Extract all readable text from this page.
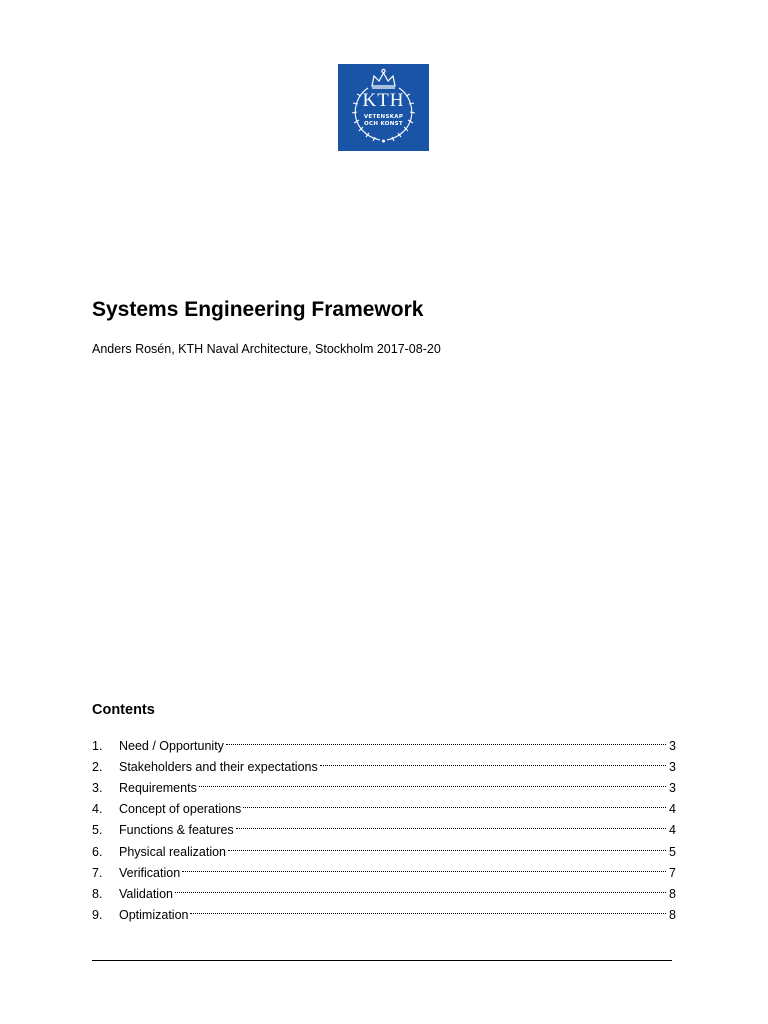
KTH
VETENSKAP
OCH KONST
Systems Engineering Framework
Anders Rosén, KTH Naval Architecture, Stockholm 2017-08-20
Contents
1.	Need / Opportunity	3
2.	Stakeholders and their expectations	3
3.	Requirements	3
4.	Concept of operations	4
5.	Functions & features	4
6.	Physical realization	5
7.	Verification	7
8.	Validation	8
9.	Optimization	8
